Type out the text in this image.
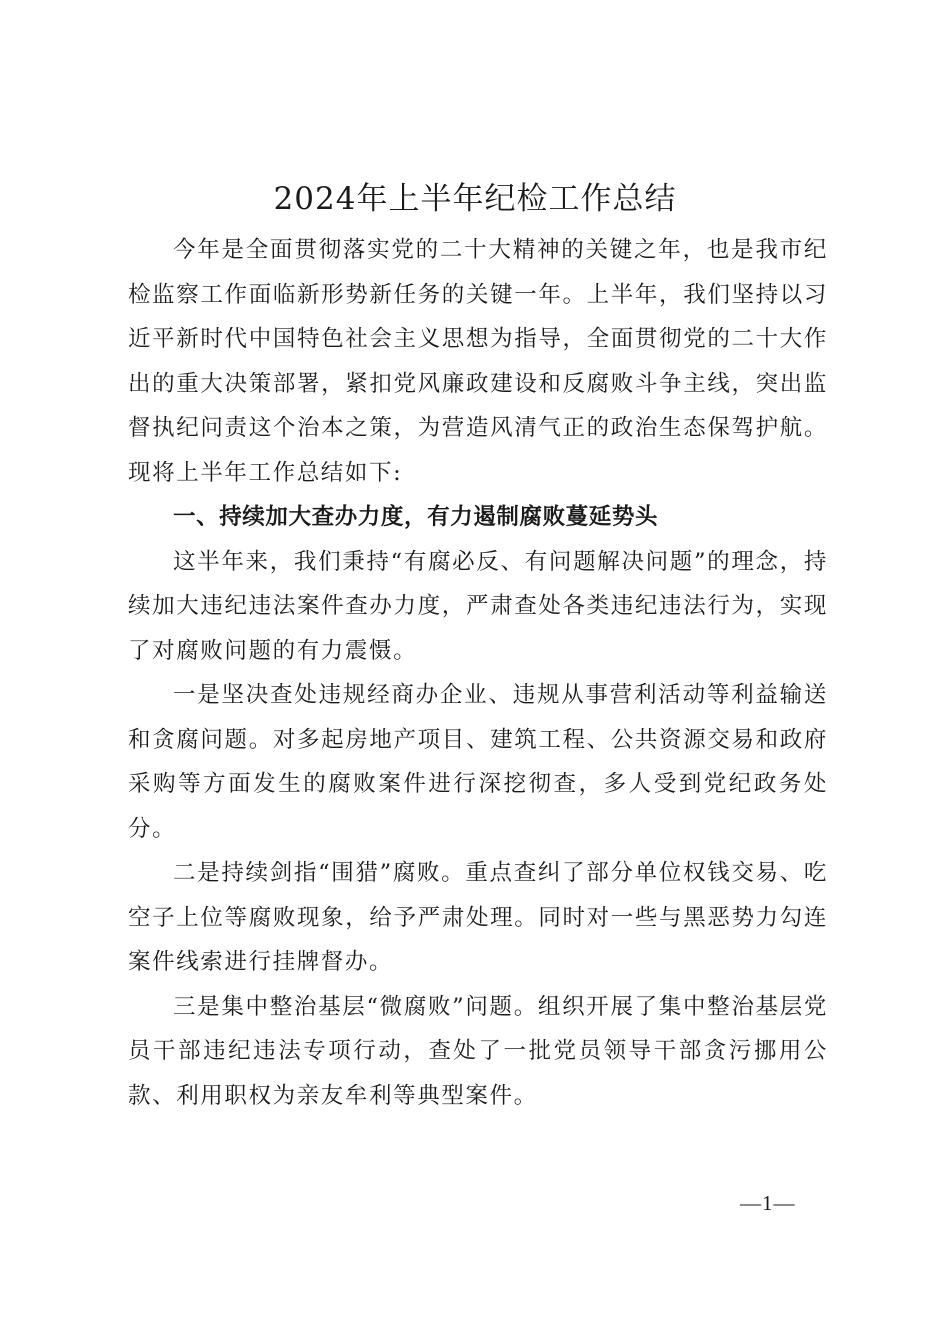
2024年上半年纪检工作总结

今年是全面贯彻落实党的二十大精神的关键之年，也是我市纪检监察工作面临新形势新任务的关键一年。上半年，我们坚持以习近平新时代中国特色社会主义思想为指导，全面贯彻党的二十大作出的重大决策部署，紧扣党风廉政建设和反腐败斗争主线，突出监督执纪问责这个治本之策，为营造风清气正的政治生态保驾护航。现将上半年工作总结如下:

一、持续加大查办力度，有力遏制腐败蔓延势头

这半年来，我们秉持“有腐必反、有问题解决问题”的理念，持续加大违纪违法案件查办力度，严肃查处各类违纪违法行为，实现了对腐败问题的有力震慑。

一是坚决查处违规经商办企业、违规从事营利活动等利益输送和贪腐问题。对多起房地产项目、建筑工程、公共资源交易和政府采购等方面发生的腐败案件进行深挖彻查，多人受到党纪政务处分。

二是持续剑指“围猎”腐败。重点查纠了部分单位权钱交易、吃空子上位等腐败现象，给予严肃处理。同时对一些与黑恶势力勾连案件线索进行挂牌督办。

三是集中整治基层“微腐败”问题。组织开展了集中整治基层党员干部违纪违法专项行动，查处了一批党员领导干部贪污挪用公款、利用职权为亲友牟利等典型案件。

—1—
